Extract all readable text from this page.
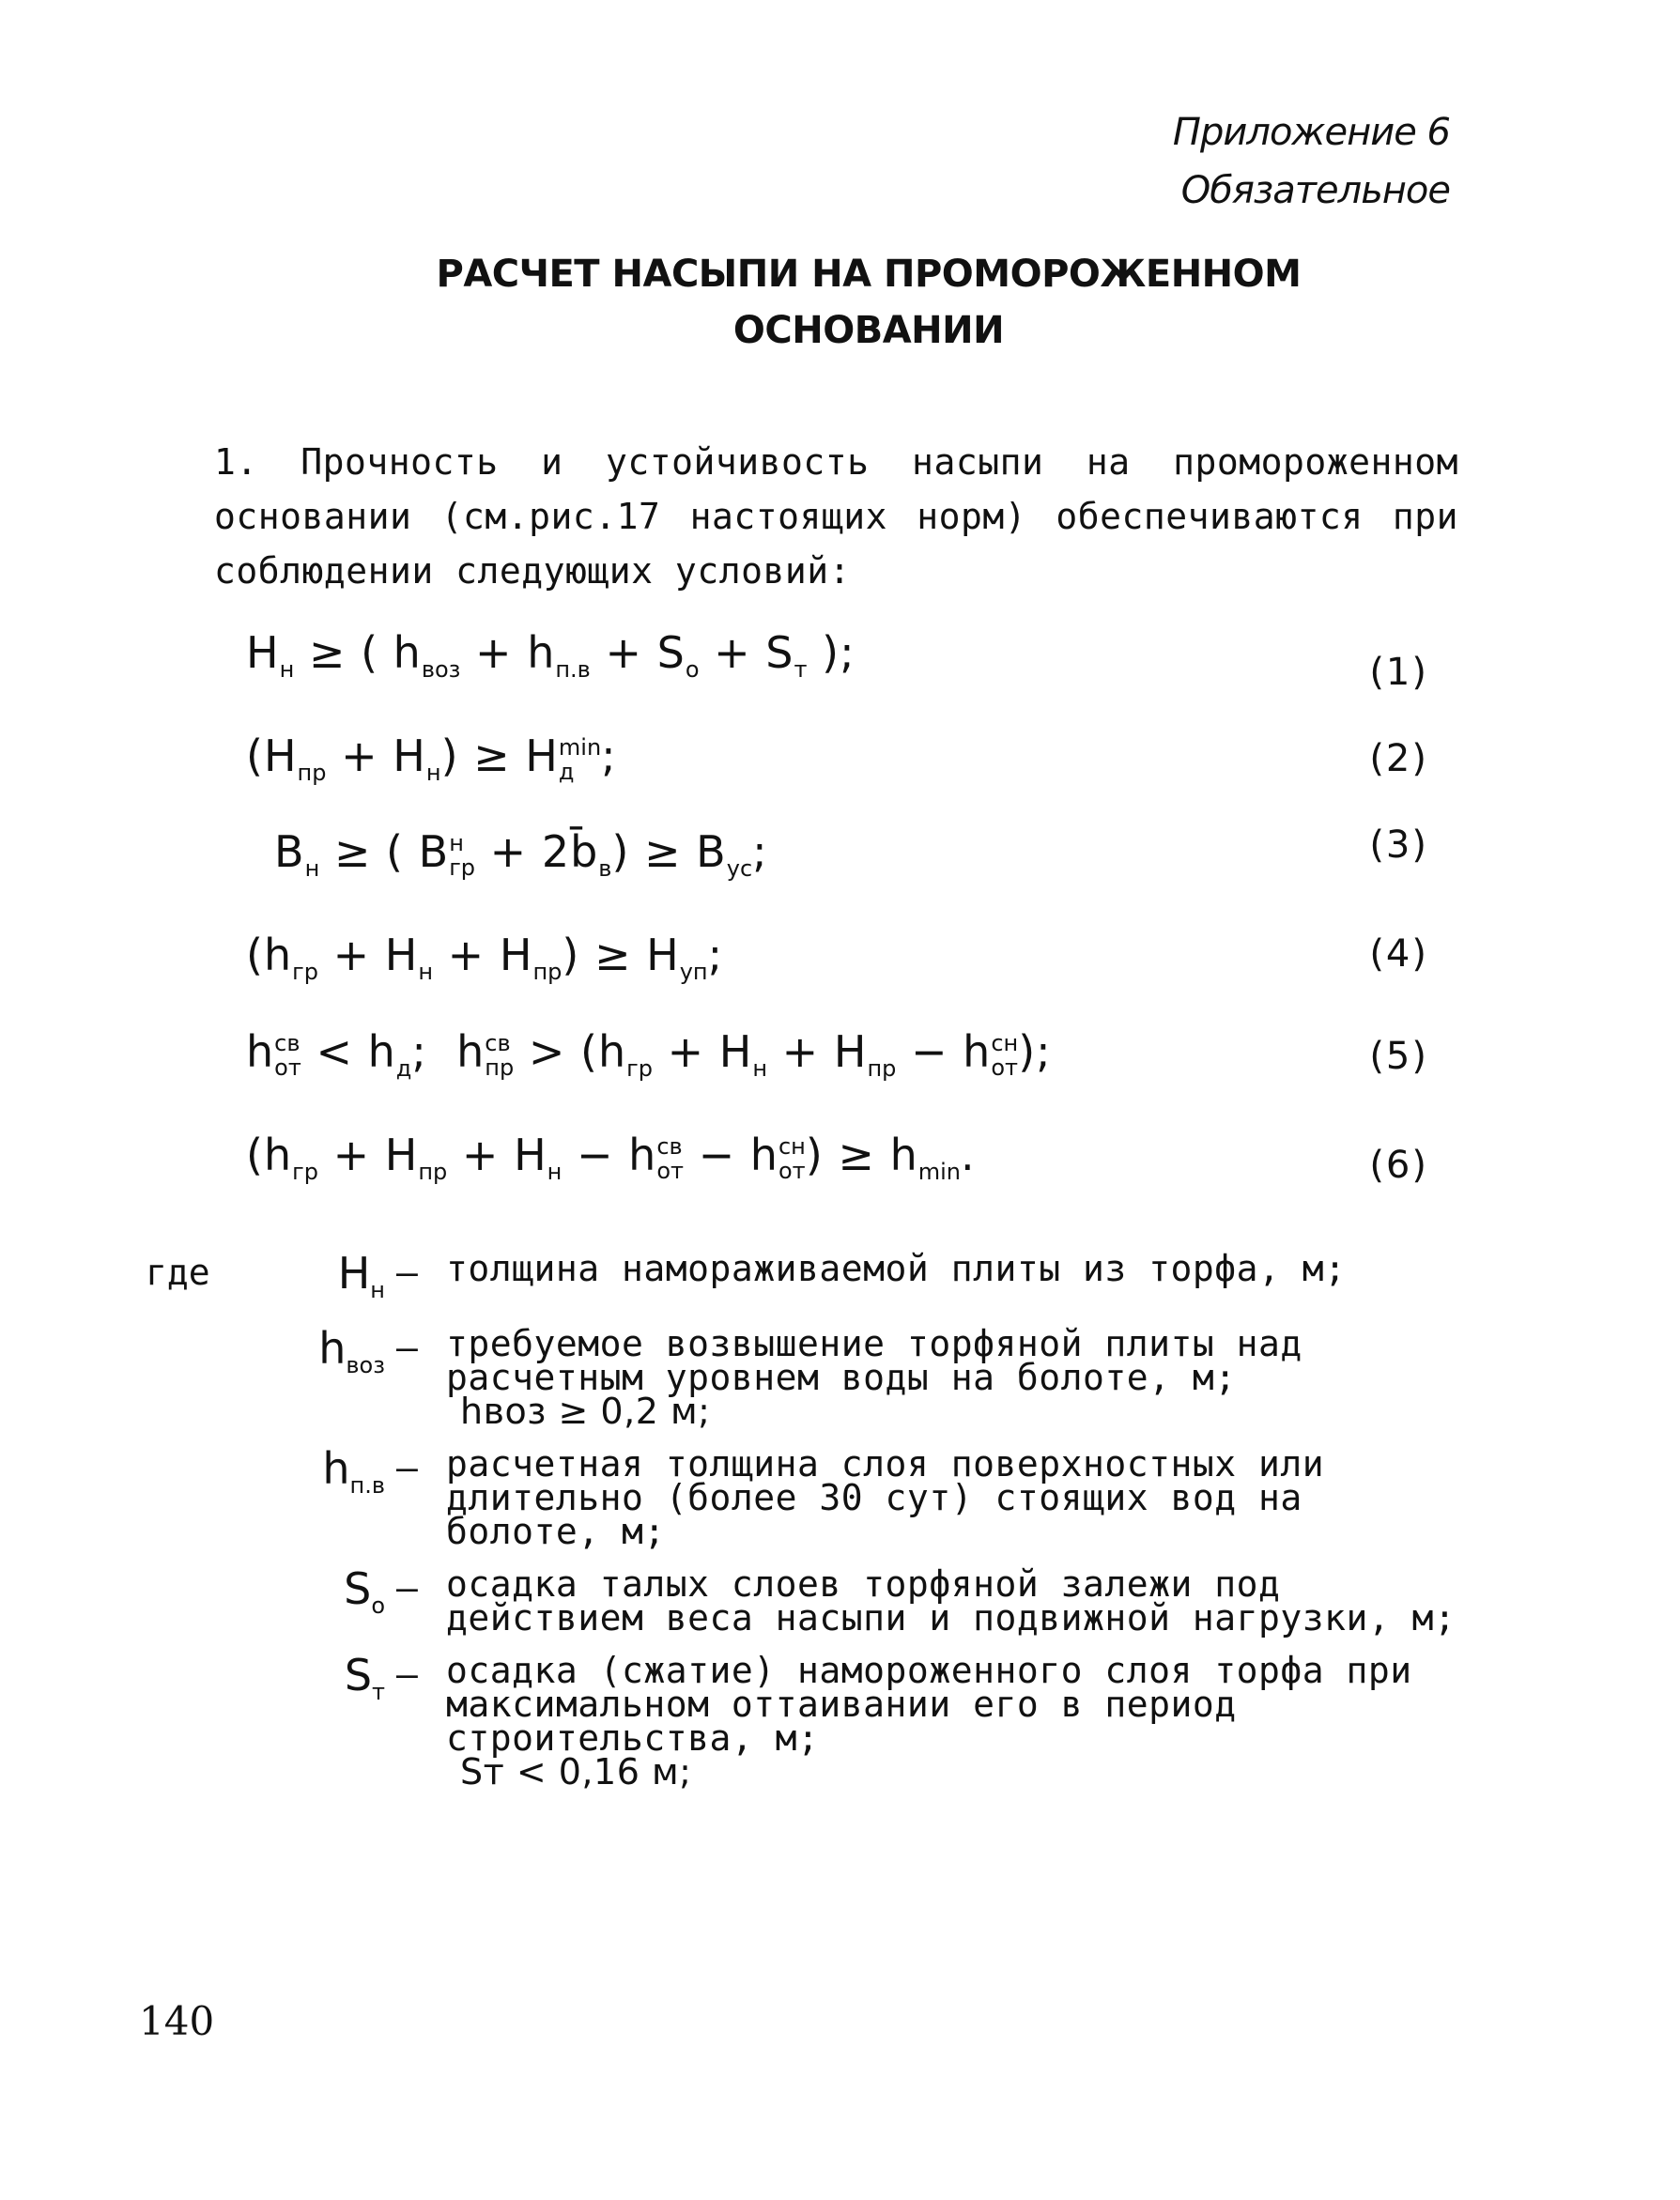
Приложение 6
Обязательное
РАСЧЕТ НАСЫПИ НА ПРОМОРОЖЕННОМ
ОСНОВАНИИ
1. Прочность и устойчивость насыпи на промороженном основании (см.рис.17 настоящих норм) обеспечиваются при соблюдении следующих условий:
$H_н$ ≥ ( $h_{воз} + h_{п.в} + S_о + S_т$ );	(1)
$(H_{пр} + H_н) \ge H$ min
д ;	(2)
$B_н$ ≥ ( B н
гр + $2b̄_в) \ge B_{ус}$;	(3)
$(h_{гр} + H_н + H_{пр}) \ge H_{уп}$;	(4)
h св
от < $h_д$;  h св
пр > ($h_{гр} + H_н + H_{пр} - h$ сн
от );	(5)
($h_{гр} + H_{пр} + H_н - h$ св
от − h сн
от ) ≥ $h_{min}$.	(6)
где	$H_н$ – толщина намораживаемой плиты из торфа, м;
$h_{воз}$ – требуемое возвышение торфяной плиты над расчетным уровнем воды на болоте, м;
hвоз ≥ 0,2 м;
$h_{п.в}$ – расчетная толщина слоя поверхностных или длительно (более 30 сут) стоящих вод на болоте, м;
$S_о$ – осадка талых слоев торфяной залежи под действием веса насыпи и подвижной нагрузки, м;
$S_т$ – осадка (сжатие) намороженного слоя торфа при максимальном оттаивании его в период строительства, м;
Sт < 0,16 м;
140
